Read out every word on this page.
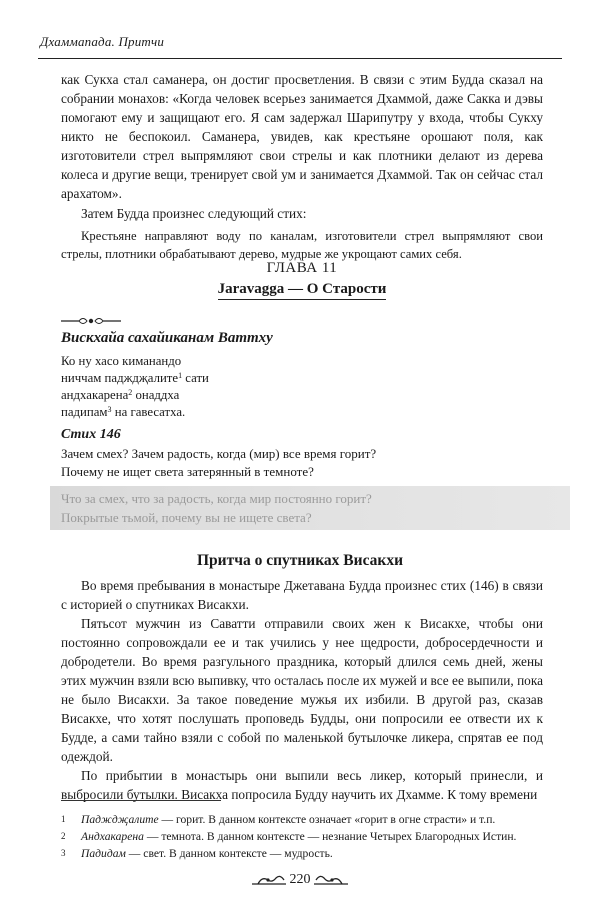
Дхаммапада. Притчи

как Сукха стал саманера, он достиг просветления. В связи с этим Будда сказал на собрании монахов: «Когда человек всерьез занимается Дхаммой, даже Сакка и дэвы помогают ему и защищают его. Я сам задержал Шарипутру у входа, чтобы Сукху никто не беспокоил. Саманера, увидев, как крестьяне орошают поля, как изготовители стрел выпрямляют свои стрелы и как плотники делают из дерева колеса и другие вещи, тренирует свой ум и занимается Дхаммой. Так он сейчас стал арахатом».

Затем Будда произнес следующий стих:

Крестьяне направляют воду по каналам, изготовители стрел выпрямляют свои стрелы, плотники обрабатывают дерево, мудрые же укрощают самих себя.

ГЛАВА 11
Jaravagga — О Старости
Вискхайа сахайиканам Ваттху
Ко ну хасо киманандо
ниччам падждҗалите$^1$ сати
андхакарена$^2$ онаддха
падипам$^3$ на гавесатха.
Стих 146
Зачем смех? Зачем радость, когда (мир) все время горит?
Почему не ищет света затерянный в темноте?
Что за смех, что за радость, когда мир постоянно горит?
Покрытые тьмой, почему вы не ищете света?
Притча о спутниках Висакхи

Во время пребывания в монастыре Джетавана Будда произнес стих (146) в связи с историей о спутниках Висакхи.

Пятьсот мужчин из Саватти отправили своих жен к Висакхе, чтобы они постоянно сопровождали ее и так учились у нее щедрости, добросердечности и добродетели. Во время разгульного праздника, который длился семь дней, жены этих мужчин взяли всю выпивку, что осталась после их мужей и все ее выпили, пока не было Висакхи. За такое поведение мужья их избили. В другой раз, сказав Висакхе, что хотят послушать проповедь Будды, они попросили ее отвести их к Будде, а сами тайно взяли с собой по маленькой бутылочке ликера, спрятав ее под одеждой.

По прибытии в монастырь они выпили весь ликер, который принесли, и выбросили бутылки. Висакха попросила Будду научить их Дхамме. К тому времени

1	Падждҗалите — горит. В данном контексте означает «горит в огне страсти» и т.п.
2	Андхакарена — темнота. В данном контексте — незнание Четырех Благородных Истин.
3	Падидам — свет. В данном контексте — мудрость.
220
